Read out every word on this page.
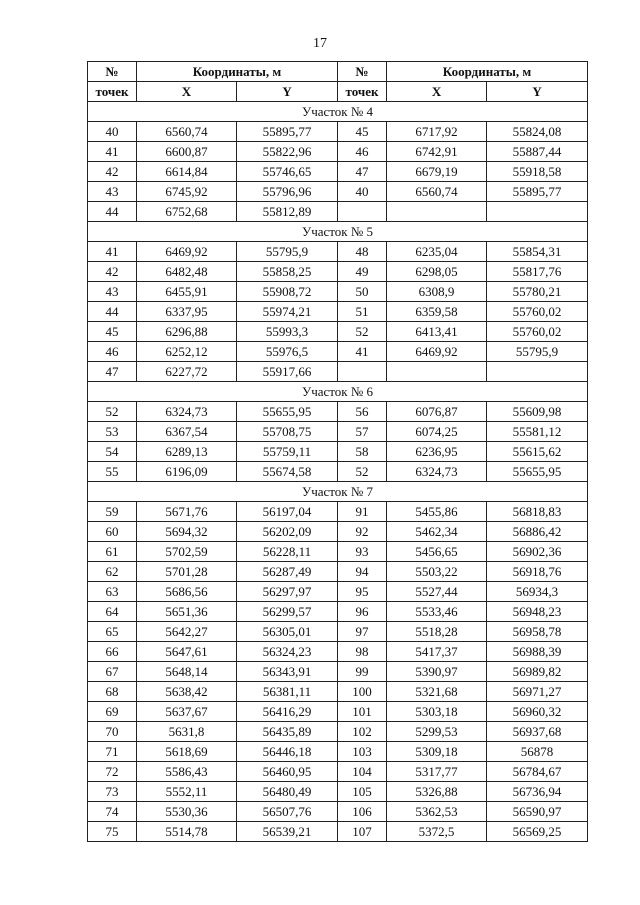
17
№	Координаты, м		№	Координаты, м	
точек	X	Y	точек	X	Y
Участок № 4					
40	6560,74	55895,77	45	6717,92	55824,08
41	6600,87	55822,96	46	6742,91	55887,44
42	6614,84	55746,65	47	6679,19	55918,58
43	6745,92	55796,96	40	6560,74	55895,77
44	6752,68	55812,89			
Участок № 5					
41	6469,92	55795,9	48	6235,04	55854,31
42	6482,48	55858,25	49	6298,05	55817,76
43	6455,91	55908,72	50	6308,9	55780,21
44	6337,95	55974,21	51	6359,58	55760,02
45	6296,88	55993,3	52	6413,41	55760,02
46	6252,12	55976,5	41	6469,92	55795,9
47	6227,72	55917,66			
Участок № 6					
52	6324,73	55655,95	56	6076,87	55609,98
53	6367,54	55708,75	57	6074,25	55581,12
54	6289,13	55759,11	58	6236,95	55615,62
55	6196,09	55674,58	52	6324,73	55655,95
Участок № 7					
59	5671,76	56197,04	91	5455,86	56818,83
60	5694,32	56202,09	92	5462,34	56886,42
61	5702,59	56228,11	93	5456,65	56902,36
62	5701,28	56287,49	94	5503,22	56918,76
63	5686,56	56297,97	95	5527,44	56934,3
64	5651,36	56299,57	96	5533,46	56948,23
65	5642,27	56305,01	97	5518,28	56958,78
66	5647,61	56324,23	98	5417,37	56988,39
67	5648,14	56343,91	99	5390,97	56989,82
68	5638,42	56381,11	100	5321,68	56971,27
69	5637,67	56416,29	101	5303,18	56960,32
70	5631,8	56435,89	102	5299,53	56937,68
71	5618,69	56446,18	103	5309,18	56878
72	5586,43	56460,95	104	5317,77	56784,67
73	5552,11	56480,49	105	5326,88	56736,94
74	5530,36	56507,76	106	5362,53	56590,97
75	5514,78	56539,21	107	5372,5	56569,25
